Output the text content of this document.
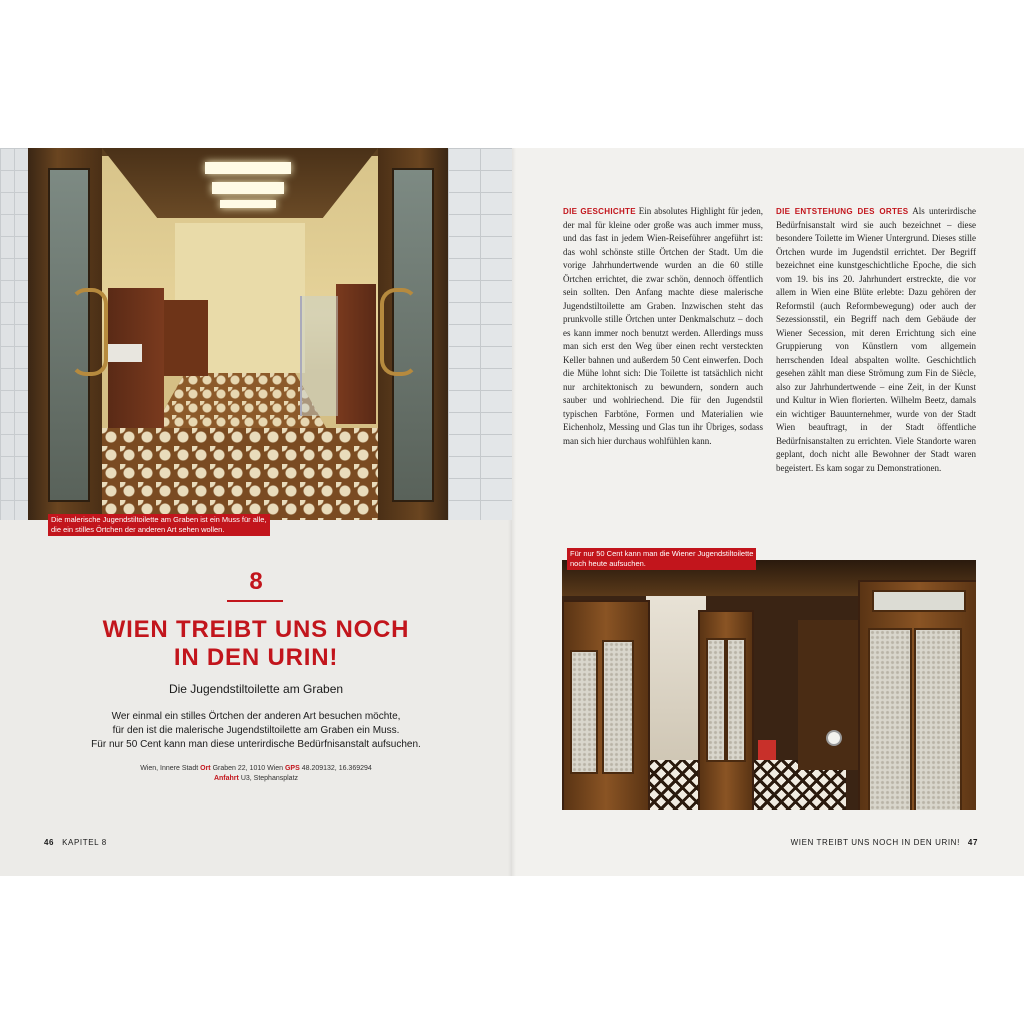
Die malerische Jugendstiltoilette am Graben ist ein Muss für alle,
die ein stilles Örtchen der anderen Art sehen wollen.
8
WIEN TREIBT UNS NOCH
IN DEN URIN!
Die Jugendstiltoilette am Graben
Wer einmal ein stilles Örtchen der anderen Art besuchen möchte,
für den ist die malerische Jugendstiltoilette am Graben ein Muss.
Für nur 50 Cent kann man diese unterirdische Bedürfnisanstalt aufsuchen.
Wien, Innere Stadt Ort Graben 22, 1010 Wien GPS 48.209132, 16.369294
Anfahrt U3, Stephansplatz
DIE GESCHICHTE Ein absolutes Highlight für jeden, der mal für kleine oder große was auch immer muss, und das fast in jedem Wien-Reiseführer angeführt ist: das wohl schönste stille Örtchen der Stadt. Um die vorige Jahrhundertwende wurden an die 60 stille Örtchen errichtet, die zwar schön, dennoch öffentlich sein sollten. Den Anfang machte diese malerische Jugendstiltoilette am Graben. Inzwischen steht das prunkvolle stille Örtchen unter Denkmalschutz – doch es kann immer noch benutzt werden. Allerdings muss man sich erst den Weg über einen recht versteckten Keller bahnen und außerdem 50 Cent einwerfen. Doch die Mühe lohnt sich: Die Toilette ist tatsächlich nicht nur architektonisch zu bewundern, sondern auch sauber und wohlriechend. Die für den Jugendstil typischen Farbtöne, Formen und Materialien wie Eichenholz, Messing und Glas tun ihr Übriges, sodass man sich hier durchaus wohlfühlen kann.
DIE ENTSTEHUNG DES ORTES Als unterirdische Bedürfnisanstalt wird sie auch bezeichnet – diese besondere Toilette im Wiener Untergrund. Dieses stille Örtchen wurde im Jugendstil errichtet. Der Begriff bezeichnet eine kunstgeschichtliche Epoche, die sich vom 19. bis ins 20. Jahrhundert erstreckte, die vor allem in Wien eine Blüte erlebte: Dazu gehören der Reformstil (auch Reformbewegung) oder auch der Sezessionsstil, ein Begriff nach dem Gebäude der Wiener Secession, mit deren Errichtung sich eine Gruppierung von Künstlern vom allgemein herrschenden Ideal abspalten wollte. Geschichtlich gesehen zählt man diese Strömung zum Fin de Siècle, also zur Jahrhundertwende – eine Zeit, in der Kunst und Kultur in Wien florierten. Wilhelm Beetz, damals ein wichtiger Bauunternehmer, wurde von der Stadt Wien beauftragt, in der Stadt öffentliche Bedürfnisanstalten zu errichten. Viele Standorte waren geplant, doch nicht alle Bewohner der Stadt waren begeistert. Es kam sogar zu Demonstrationen.
Für nur 50 Cent kann man die Wiener Jugendstiltoilette
noch heute aufsuchen.
46 KAPITEL 8	WIEN TREIBT UNS NOCH IN DEN URIN! 47
